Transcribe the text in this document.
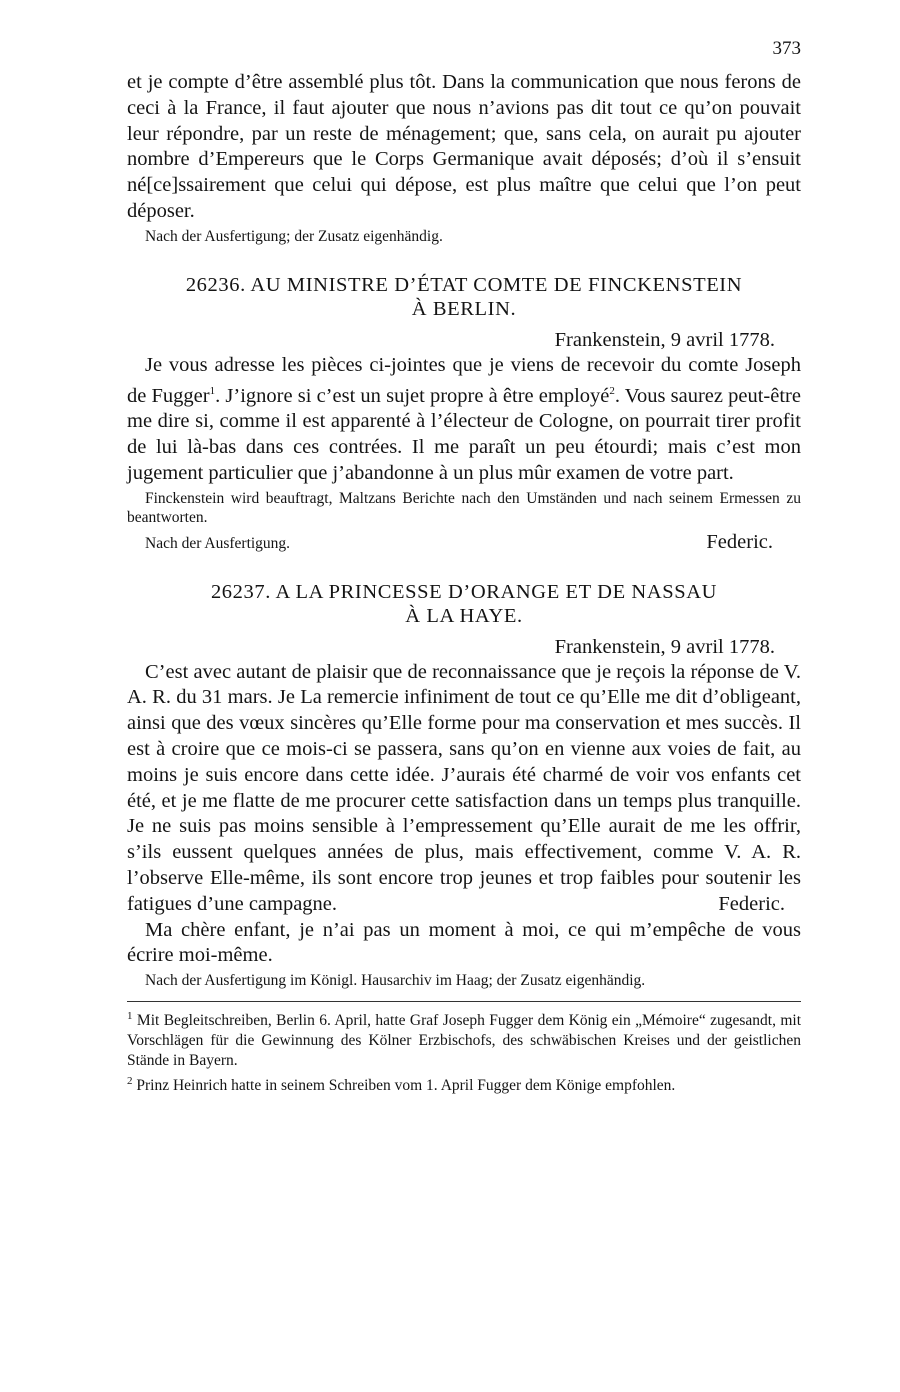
373

et je compte d’être assemblé plus tôt. Dans la communication que nous ferons de ceci à la France, il faut ajouter que nous n’avions pas dit tout ce qu’on pouvait leur répondre, par un reste de ménagement; que, sans cela, on aurait pu ajouter nombre d’Empereurs que le Corps Germanique avait déposés; d’où il s’ensuit né[ce]ssairement que celui qui dépose, est plus maître que celui que l’on peut déposer.

Nach der Ausfertigung; der Zusatz eigenhändig.

26236. AU MINISTRE D’ÉTAT COMTE DE FINCKENSTEIN
À BERLIN.
Frankenstein, 9 avril 1778.

Je vous adresse les pièces ci-jointes que je viens de recevoir du comte Joseph de Fugger$^1$. J’ignore si c’est un sujet propre à être employé$^2$. Vous saurez peut-être me dire si, comme il est apparenté à l’électeur de Cologne, on pourrait tirer profit de lui là-bas dans ces contrées. Il me paraît un peu étourdi; mais c’est mon jugement particulier que j’abandonne à un plus mûr examen de votre part.

Finckenstein wird beauftragt, Maltzans Berichte nach den Umständen und nach seinem Ermessen zu beantworten.

Nach der Ausfertigung.	Federic.
26237. A LA PRINCESSE D’ORANGE ET DE NASSAU
À LA HAYE.
Frankenstein, 9 avril 1778.

C’est avec autant de plaisir que de reconnaissance que je reçois la réponse de V. A. R. du 31 mars. Je La remercie infiniment de tout ce qu’Elle me dit d’obligeant, ainsi que des vœux sincères qu’Elle forme pour ma conservation et mes succès. Il est à croire que ce mois-ci se passera, sans qu’on en vienne aux voies de fait, au moins je suis encore dans cette idée. J’aurais été charmé de voir vos enfants cet été, et je me flatte de me procurer cette satisfaction dans un temps plus tranquille. Je ne suis pas moins sensible à l’empressement qu’Elle aurait de me les offrir, s’ils eussent quelques années de plus, mais effectivement, comme V. A. R. l’observe Elle-même, ils sont encore trop jeunes et trop faibles pour soutenir les fatigues d’une campagne.	Federic.

Ma chère enfant, je n’ai pas un moment à moi, ce qui m’empêche de vous écrire moi-même.

Nach der Ausfertigung im Königl. Hausarchiv im Haag; der Zusatz eigenhändig.

$^1$ Mit Begleitschreiben, Berlin 6. April, hatte Graf Joseph Fugger dem König ein „Mémoire“ zugesandt, mit Vorschlägen für die Gewinnung des Kölner Erzbischofs, des schwäbischen Kreises und der geistlichen Stände in Bayern.

$^2$ Prinz Heinrich hatte in seinem Schreiben vom 1. April Fugger dem Könige empfohlen.
